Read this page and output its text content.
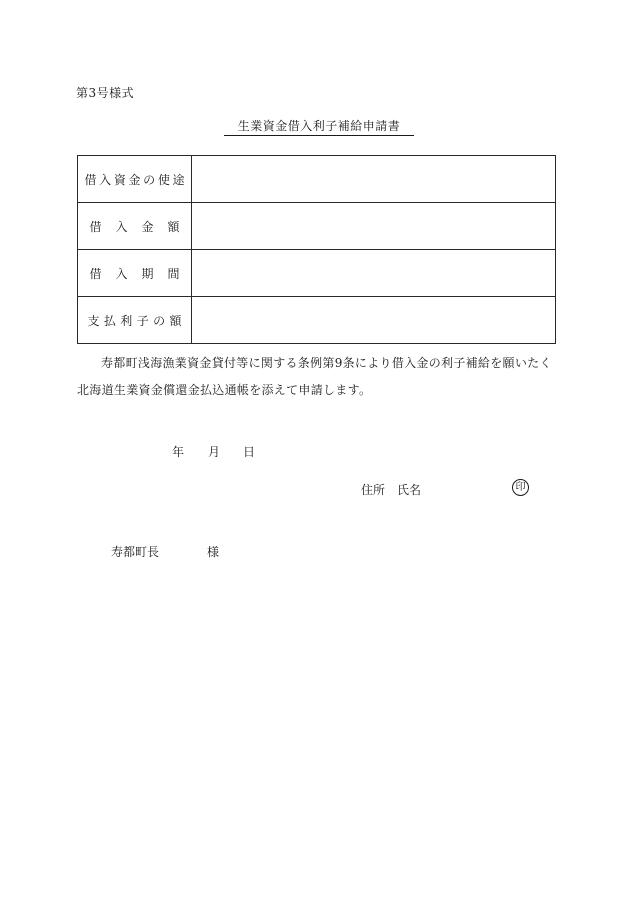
第3号様式
生業資金借入利子補給申請書
借入資金の使途	
借入金額	
借入期間	
支払利子の額	
寿都町浅海漁業資金貸付等に関する条例第9条により借入金の利子補給を願いたく北海道生業資金償還金払込通帳を添えて申請します。
年 月 日
住所 氏名	印
寿都町長	様
